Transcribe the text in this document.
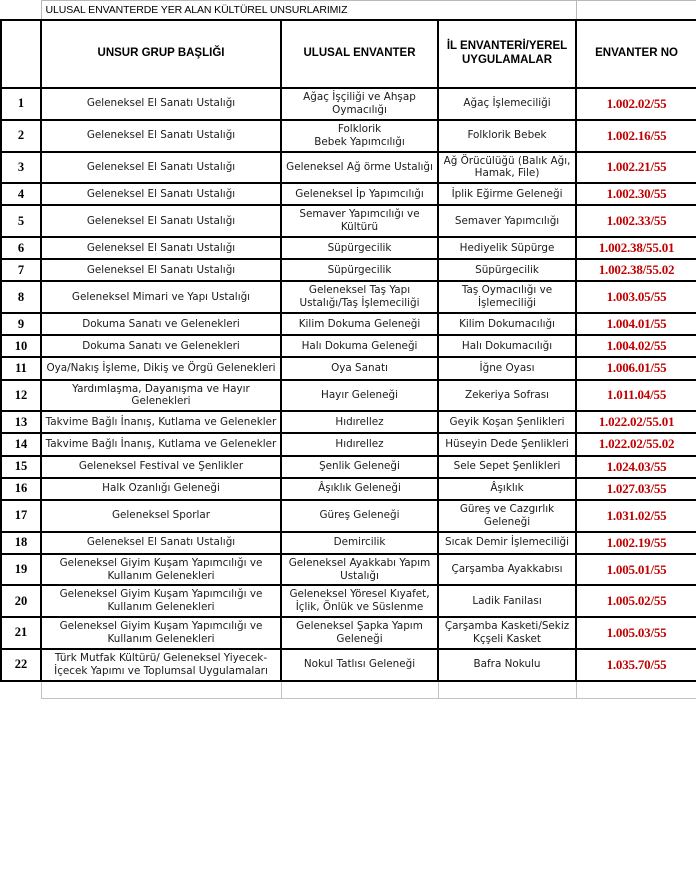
	ULUSAL ENVANTERDE YER ALAN KÜLTÜREL UNSURLARIMIZ			
	UNSUR GRUP BAŞLIĞI	ULUSAL ENVANTER	İL ENVANTERİ/YEREL UYGULAMALAR	ENVANTER NO
1	Geleneksel El Sanatı Ustalığı	Ağaç İşçiliği ve Ahşap Oymacılığı	Ağaç İşlemeciliği	1.002.02/55
2	Geleneksel El Sanatı Ustalığı	Folklorik
Bebek Yapımcılığı	Folklorik Bebek	1.002.16/55
3	Geleneksel El Sanatı Ustalığı	Geleneksel Ağ örme Ustalığı	Ağ Örücülüğü (Balık Ağı, Hamak, File)	1.002.21/55
4	Geleneksel El Sanatı Ustalığı	Geleneksel İp Yapımcılığı	İplik Eğirme Geleneği	1.002.30/55
5	Geleneksel El Sanatı Ustalığı	Semaver Yapımcılığı ve Kültürü	Semaver Yapımcılığı	1.002.33/55
6	Geleneksel El Sanatı Ustalığı	Süpürgecilik	Hediyelik Süpürge	1.002.38/55.01
7	Geleneksel El Sanatı Ustalığı	Süpürgecilik	Süpürgecilik	1.002.38/55.02
8	Geleneksel Mimari ve Yapı Ustalığı	Geleneksel Taş Yapı Ustalığı/Taş İşlemeciliği	Taş Oymacılığı ve İşlemeciliği	1.003.05/55
9	Dokuma Sanatı ve Gelenekleri	Kilim Dokuma Geleneği	Kilim Dokumacılığı	1.004.01/55
10	Dokuma Sanatı ve Gelenekleri	Halı Dokuma Geleneği	Halı Dokumacılığı	1.004.02/55
11	Oya/Nakış İşleme, Dikiş ve Örgü Gelenekleri	Oya Sanatı	İğne Oyası	1.006.01/55
12	Yardımlaşma, Dayanışma ve Hayır Gelenekleri	Hayır Geleneği	Zekeriya Sofrası	1.011.04/55
13	Takvime Bağlı İnanış, Kutlama ve Gelenekler	Hıdırellez	Geyik Koşan Şenlikleri	1.022.02/55.01
14	Takvime Bağlı İnanış, Kutlama ve Gelenekler	Hıdırellez	Hüseyin Dede Şenlikleri	1.022.02/55.02
15	Geleneksel Festival ve Şenlikler	Şenlik Geleneği	Sele Sepet Şenlikleri	1.024.03/55
16	Halk Ozanlığı Geleneği	Âşıklık Geleneği	Âşıklık	1.027.03/55
17	Geleneksel Sporlar	Güreş Geleneği	Güreş ve Cazgırlık Geleneği	1.031.02/55
18	Geleneksel El Sanatı Ustalığı	Demircilik	Sıcak Demir İşlemeciliği	1.002.19/55
19	Geleneksel Giyim Kuşam Yapımcılığı ve Kullanım Gelenekleri	Geleneksel Ayakkabı Yapım Ustalığı	Çarşamba Ayakkabısı	1.005.01/55
20	Geleneksel Giyim Kuşam Yapımcılığı ve Kullanım Gelenekleri	Geleneksel Yöresel Kıyafet, İçlik, Önlük ve Süslenme	Ladik Fanilası	1.005.02/55
21	Geleneksel Giyim Kuşam Yapımcılığı ve Kullanım Gelenekleri	Geleneksel Şapka Yapım Geleneği	Çarşamba Kasketi/Sekiz Kçşeli Kasket	1.005.03/55
22	Türk Mutfak Kültürü/ Geleneksel Yiyecek-İçecek Yapımı ve Toplumsal Uygulamaları	Nokul Tatlısı Geleneği	Bafra Nokulu	1.035.70/55
